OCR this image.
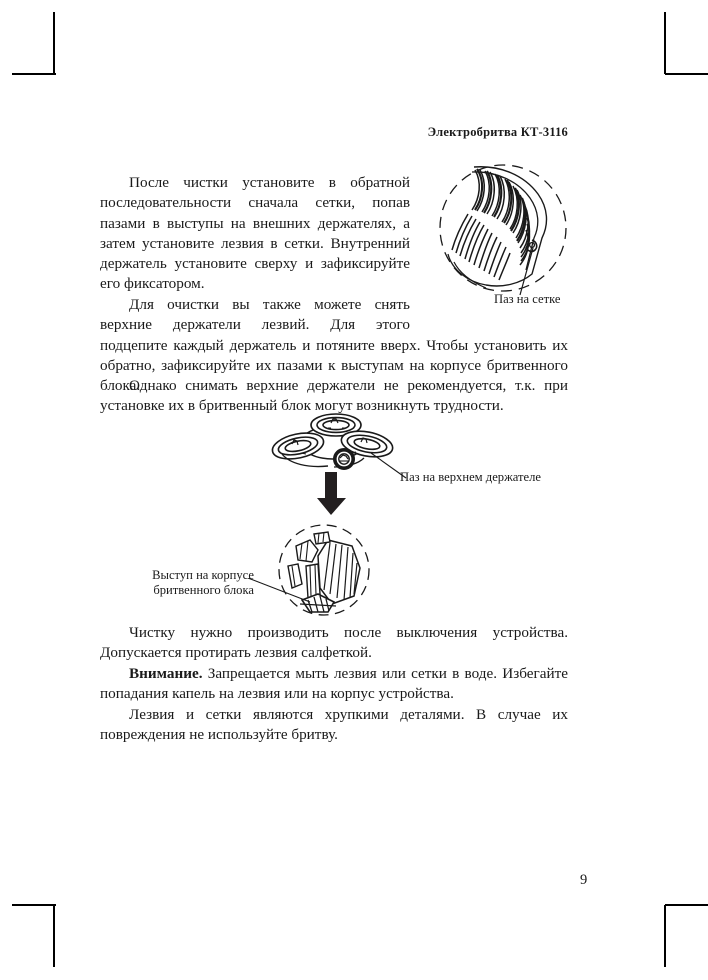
Электробритва КТ-3116
Паз на сетке
Паз на верхнем держателе
Выступ на корпусе
бритвенного блока

После чистки установите в обратной последовательности сначала сетки, попав пазами в выступы на внешних держателях, а затем установите лезвия в сетки. Внутренний держатель установите сверху и зафиксируйте его фиксатором.

Для очистки вы также можете снять верхние держатели лезвий. Для этого подцепите каждый держатель и потяните вверх. Чтобы установить их обратно, зафиксируйте их пазами к выступам на корпусе бритвенного блока.

Однако снимать верхние держатели не рекомендуется, т.к. при установке их в бритвенный блок могут возникнуть трудности.

Чистку нужно производить после выключения устройства. Допускается протирать лезвия салфеткой.

Внимание. Запрещается мыть лезвия или сетки в воде. Избегайте попадания капель на лезвия или на корпус устройства.

Лезвия и сетки являются хрупкими деталями. В случае их повреждения не используйте бритву.

9
